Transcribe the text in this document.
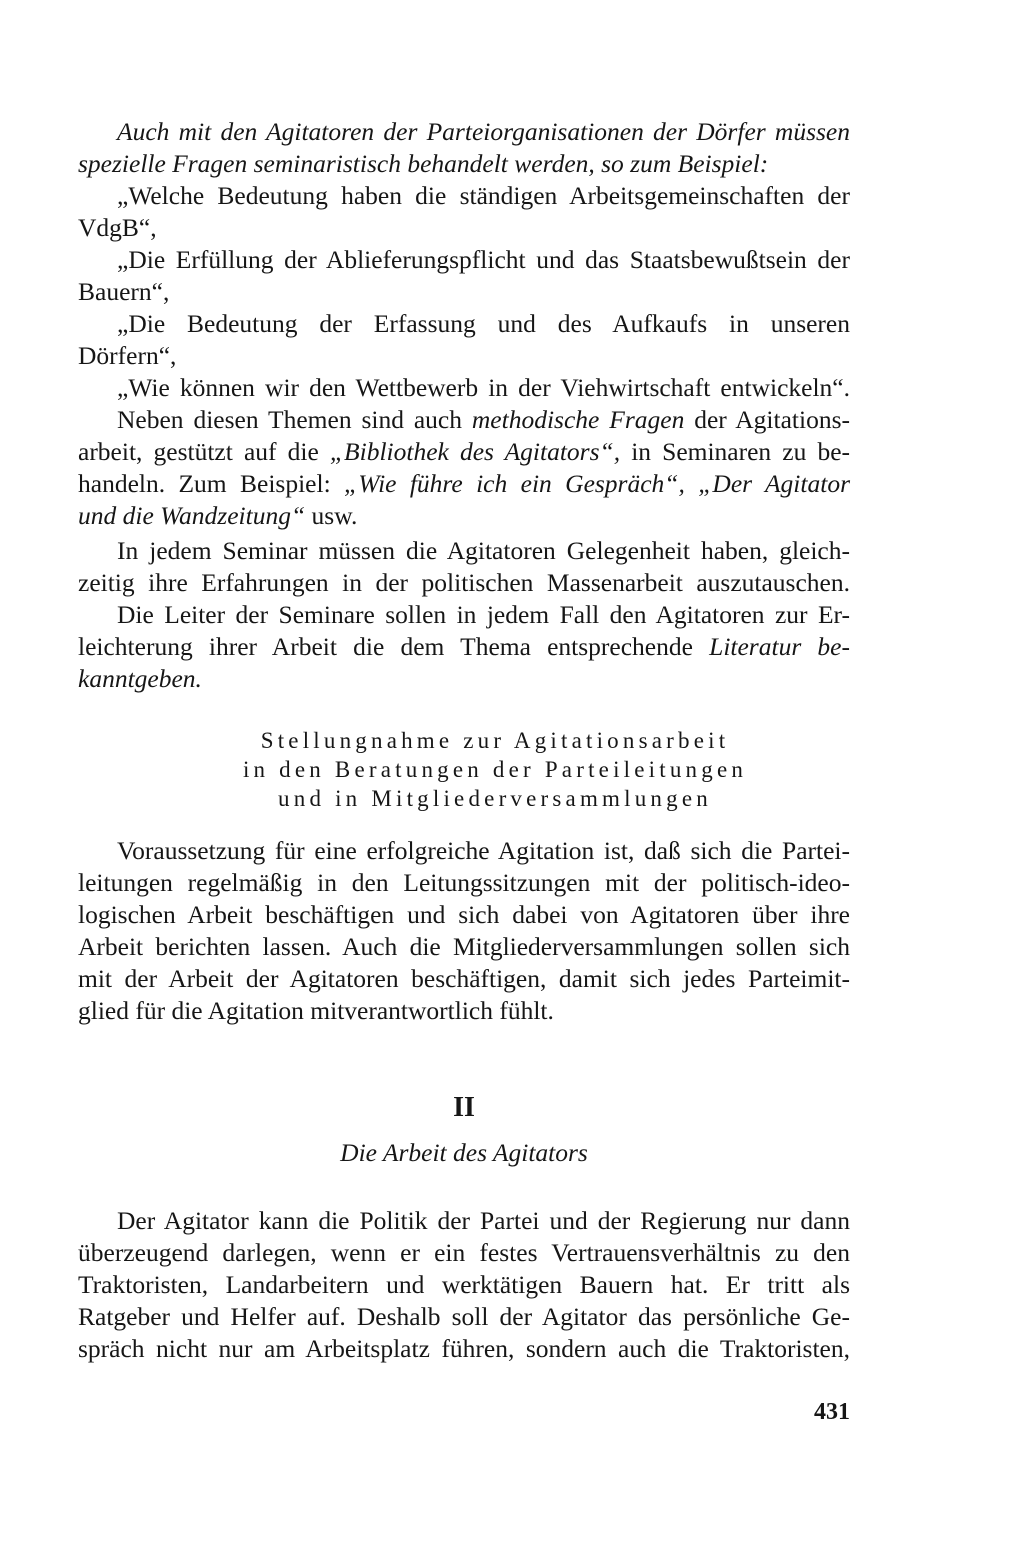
Auch mit den Agitatoren der Parteiorganisationen der Dörfer müssen
spezielle Fragen seminaristisch behandelt werden, so zum Beispiel:
„Welche Bedeutung haben die ständigen Arbeitsgemeinschaften der
VdgB“,
„Die Erfüllung der Ablieferungspflicht und das Staatsbewußtsein der
Bauern“,
„Die Bedeutung der Erfassung und des Aufkaufs in unseren
Dörfern“,
„Wie können wir den Wettbewerb in der Viehwirtschaft entwickeln“.
Neben diesen Themen sind auch methodische Fragen der Agitations-
arbeit, gestützt auf die „Bibliothek des Agitators“, in Seminaren zu be-
handeln. Zum Beispiel: „Wie führe ich ein Gespräch“, „Der Agitator
und die Wandzeitung“ usw.
In jedem Seminar müssen die Agitatoren Gelegenheit haben, gleich-
zeitig ihre Erfahrungen in der politischen Massenarbeit auszutauschen.
Die Leiter der Seminare sollen in jedem Fall den Agitatoren zur Er-
leichterung ihrer Arbeit die dem Thema entsprechende Literatur be-
kanntgeben.
Stellungnahme zur Agitationsarbeit
in den Beratungen der Parteileitungen
und in Mitgliederversammlungen
Voraussetzung für eine erfolgreiche Agitation ist, daß sich die Partei-
leitungen regelmäßig in den Leitungssitzungen mit der politisch-ideo-
logischen Arbeit beschäftigen und sich dabei von Agitatoren über ihre
Arbeit berichten lassen. Auch die Mitgliederversammlungen sollen sich
mit der Arbeit der Agitatoren beschäftigen, damit sich jedes Parteimit-
glied für die Agitation mitverantwortlich fühlt.
II
Die Arbeit des Agitators
Der Agitator kann die Politik der Partei und der Regierung nur dann
überzeugend darlegen, wenn er ein festes Vertrauensverhältnis zu den
Traktoristen, Landarbeitern und werktätigen Bauern hat. Er tritt als
Ratgeber und Helfer auf. Deshalb soll der Agitator das persönliche Ge-
spräch nicht nur am Arbeitsplatz führen, sondern auch die Traktoristen,
431
